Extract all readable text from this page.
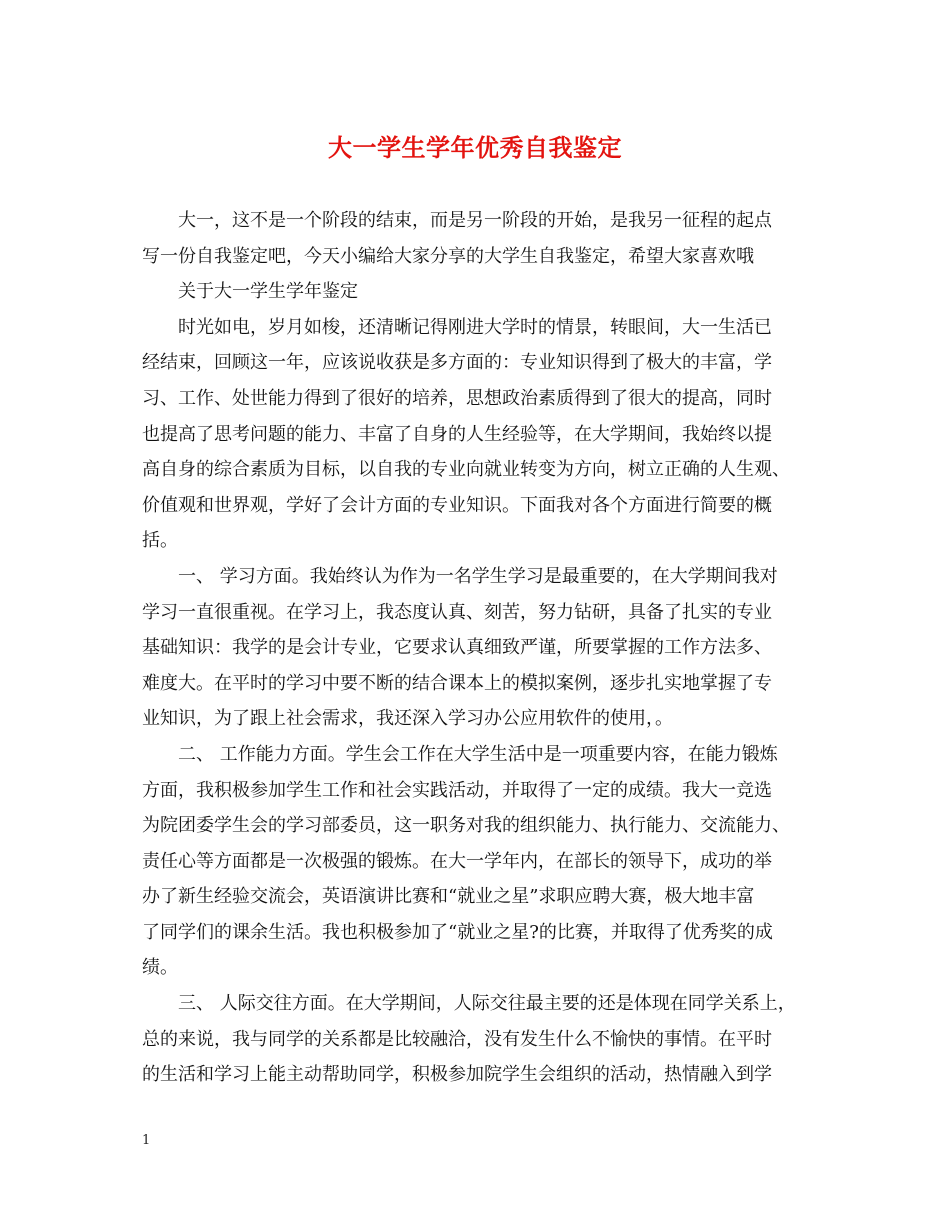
大一学生学年优秀自我鉴定

大一，这不是一个阶段的结束，而是另一阶段的开始，是我另一征程的起点
写一份自我鉴定吧，今天小编给大家分享的大学生自我鉴定，希望大家喜欢哦

关于大一学生学年鉴定

时光如电，岁月如梭，还清晰记得刚进大学时的情景，转眼间，大一生活已
经结束，回顾这一年，应该说收获是多方面的：专业知识得到了极大的丰富，学
习、工作、处世能力得到了很好的培养，思想政治素质得到了很大的提高，同时
也提高了思考问题的能力、丰富了自身的人生经验等，在大学期间，我始终以提
高自身的综合素质为目标，以自我的专业向就业转变为方向，树立正确的人生观、
价值观和世界观，学好了会计方面的专业知识。下面我对各个方面进行简要的概
括。

一、 学习方面。我始终认为作为一名学生学习是最重要的，在大学期间我对
学习一直很重视。在学习上，我态度认真、刻苦，努力钻研，具备了扎实的专业
基础知识：我学的是会计专业，它要求认真细致严谨，所要掌握的工作方法多、
难度大。在平时的学习中要不断的结合课本上的模拟案例，逐步扎实地掌握了专
业知识，为了跟上社会需求，我还深入学习办公应用软件的使用，。

二、 工作能力方面。学生会工作在大学生活中是一项重要内容，在能力锻炼
方面，我积极参加学生工作和社会实践活动，并取得了一定的成绩。我大一竞选
为院团委学生会的学习部委员，这一职务对我的组织能力、执行能力、交流能力、
责任心等方面都是一次极强的锻炼。在大一学年内，在部长的领导下，成功的举
办了新生经验交流会，英语演讲比赛和“就业之星”求职应聘大赛，极大地丰富
了同学们的课余生活。我也积极参加了“就业之星?的比赛，并取得了优秀奖的成
绩。

三、 人际交往方面。在大学期间，人际交往最主要的还是体现在同学关系上，
总的来说，我与同学的关系都是比较融洽，没有发生什么不愉快的事情。在平时
的生活和学习上能主动帮助同学，积极参加院学生会组织的活动，热情融入到学

1
